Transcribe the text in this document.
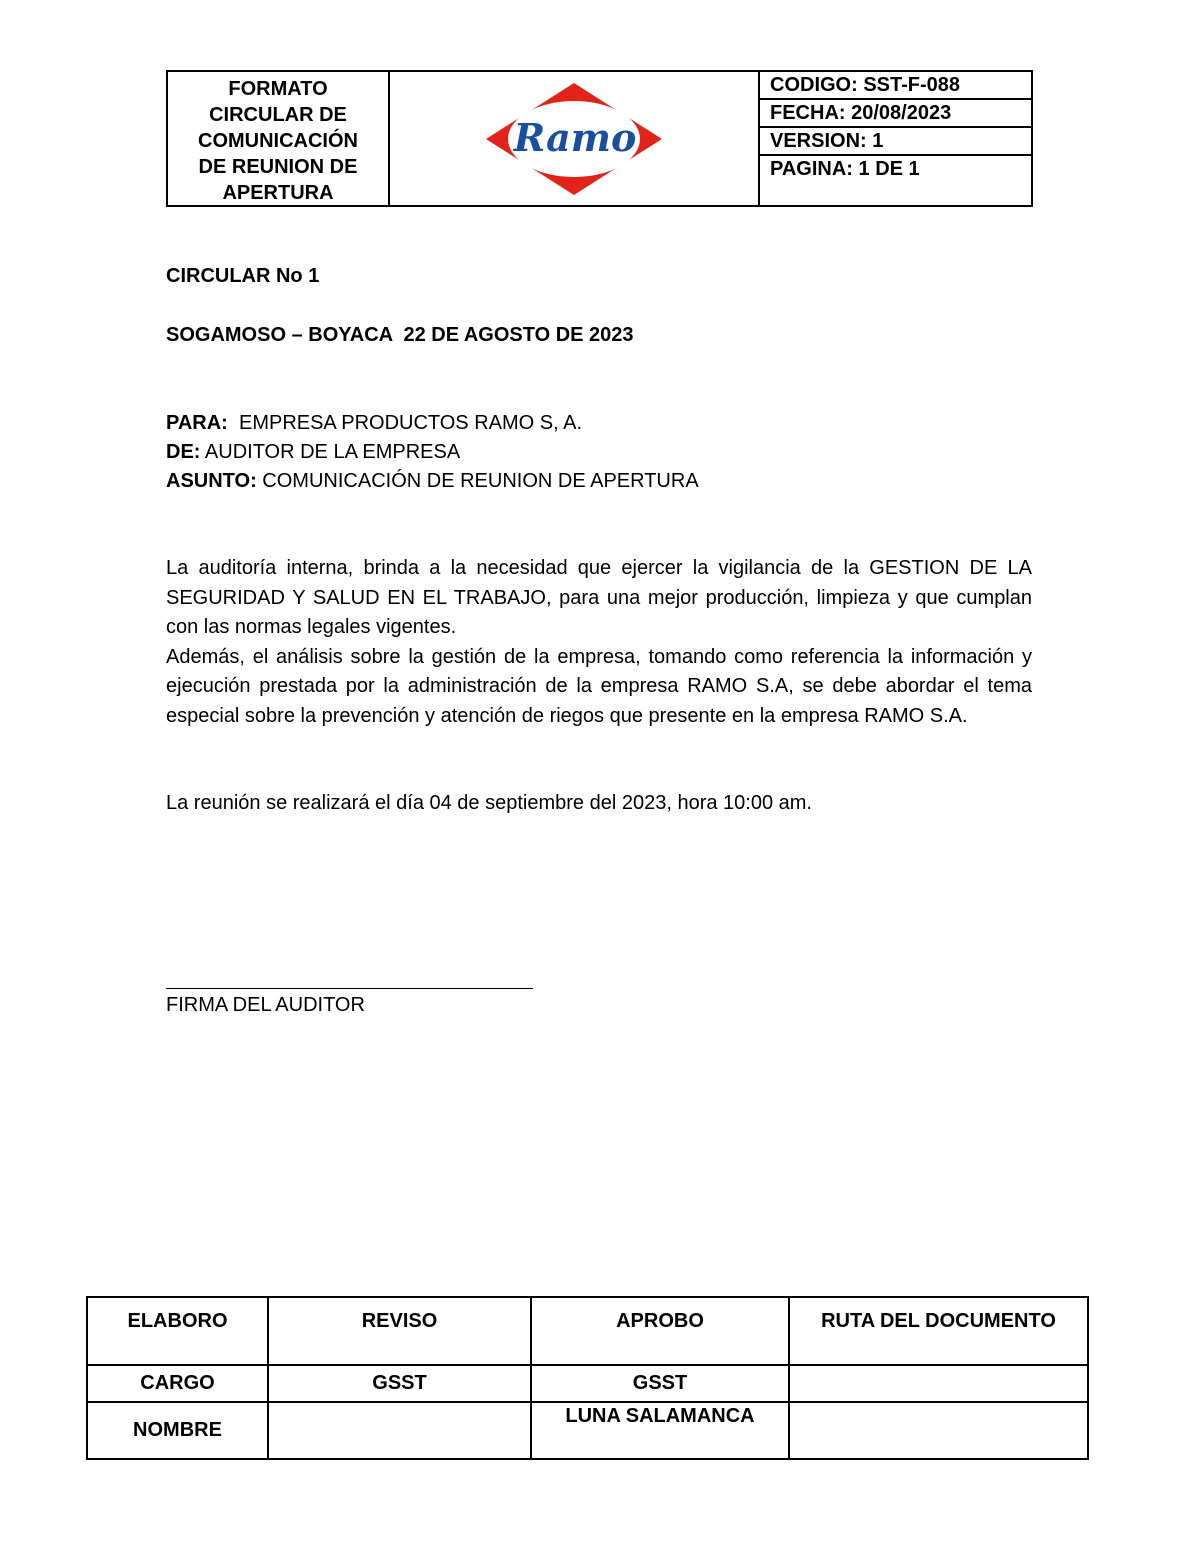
FORMATO
CIRCULAR DE
COMUNICACIÓN
DE REUNION DE
APERTURA
Ramo
CODIGO: SST-F-088
FECHA: 20/08/2023
VERSION: 1
PAGINA: 1 DE 1
CIRCULAR No 1
SOGAMOSO – BOYACA  22 DE AGOSTO DE 2023
PARA:  EMPRESA PRODUCTOS RAMO S, A.
DE: AUDITOR DE LA EMPRESA
ASUNTO: COMUNICACIÓN DE REUNION DE APERTURA

La auditoría interna, brinda a la necesidad que ejercer la vigilancia de la GESTION DE LA SEGURIDAD Y SALUD EN EL TRABAJO, para una mejor producción, limpieza y que cumplan con las normas legales vigentes.

Además, el análisis sobre la gestión de la empresa, tomando como referencia la información y ejecución prestada por la administración de la empresa RAMO S.A, se debe abordar el tema especial sobre la prevención y atención de riegos que presente en la empresa RAMO S.A.

La reunión se realizará el día 04 de septiembre del 2023, hora 10:00 am.
FIRMA DEL AUDITOR
ELABORO	REVISO	APROBO	RUTA DEL DOCUMENTO
CARGO	GSST	GSST	
NOMBRE		LUNA SALAMANCA	
